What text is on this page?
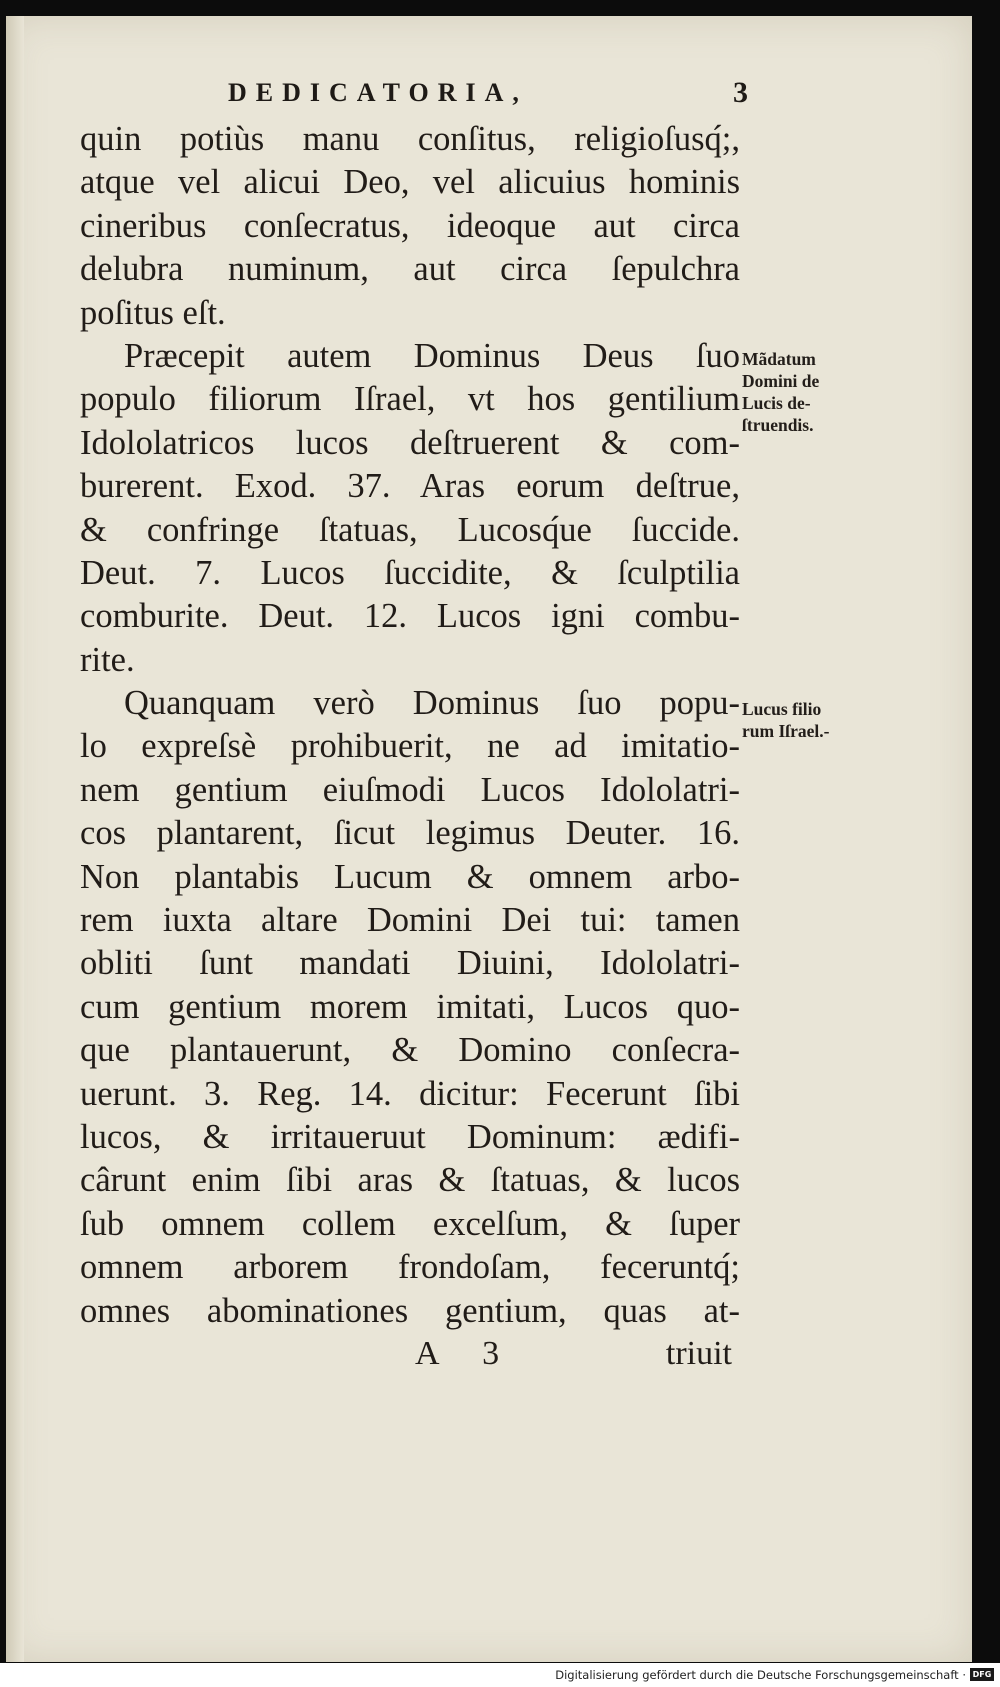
DEDICATORIA,	3
quin potiùs manu conſitus, religioſusq́;,
atque vel alicui Deo, vel alicuius hominis
cineribus conſecratus, ideoque aut circa
delubra numinum, aut circa ſepulchra
poſitus eſt.
Præcepit autem Dominus Deus ſuo
populo filiorum Iſrael, vt hos gentilium
Idololatricos lucos deſtruerent & com-
burerent. Exod. 37. Aras eorum deſtrue,
& confringe ſtatuas, Lucosq́ue ſuccide.
Deut. 7. Lucos ſuccidite, & ſculptilia
comburite. Deut. 12. Lucos igni combu-
rite.
Quanquam verò Dominus ſuo popu-
lo expreſsè prohibuerit, ne ad imitatio-
nem gentium eiuſmodi Lucos Idololatri-
cos plantarent, ſicut legimus Deuter. 16.
Non plantabis Lucum & omnem arbo-
rem iuxta altare Domini Dei tui: tamen
obliti ſunt mandati Diuini, Idololatri-
cum gentium morem imitati, Lucos quo-
que plantauerunt, & Domino conſecra-
uerunt. 3. Reg. 14. dicitur: Fecerunt ſibi
lucos, & irritaueruut Dominum: ædifi-
cârunt enim ſibi aras & ſtatuas, & lucos
ſub omnem collem excelſum, & ſuper
omnem arborem frondoſam, feceruntq́;
omnes abominationes gentium, quas at-
A 3	triuit
Mãdatum
Domini de
Lucis de-
ſtruendis.
Lucus filio
rum Iſrael.-
Digitalisierung gefördert durch die Deutsche Forschungsgemeinschaft · DFG
